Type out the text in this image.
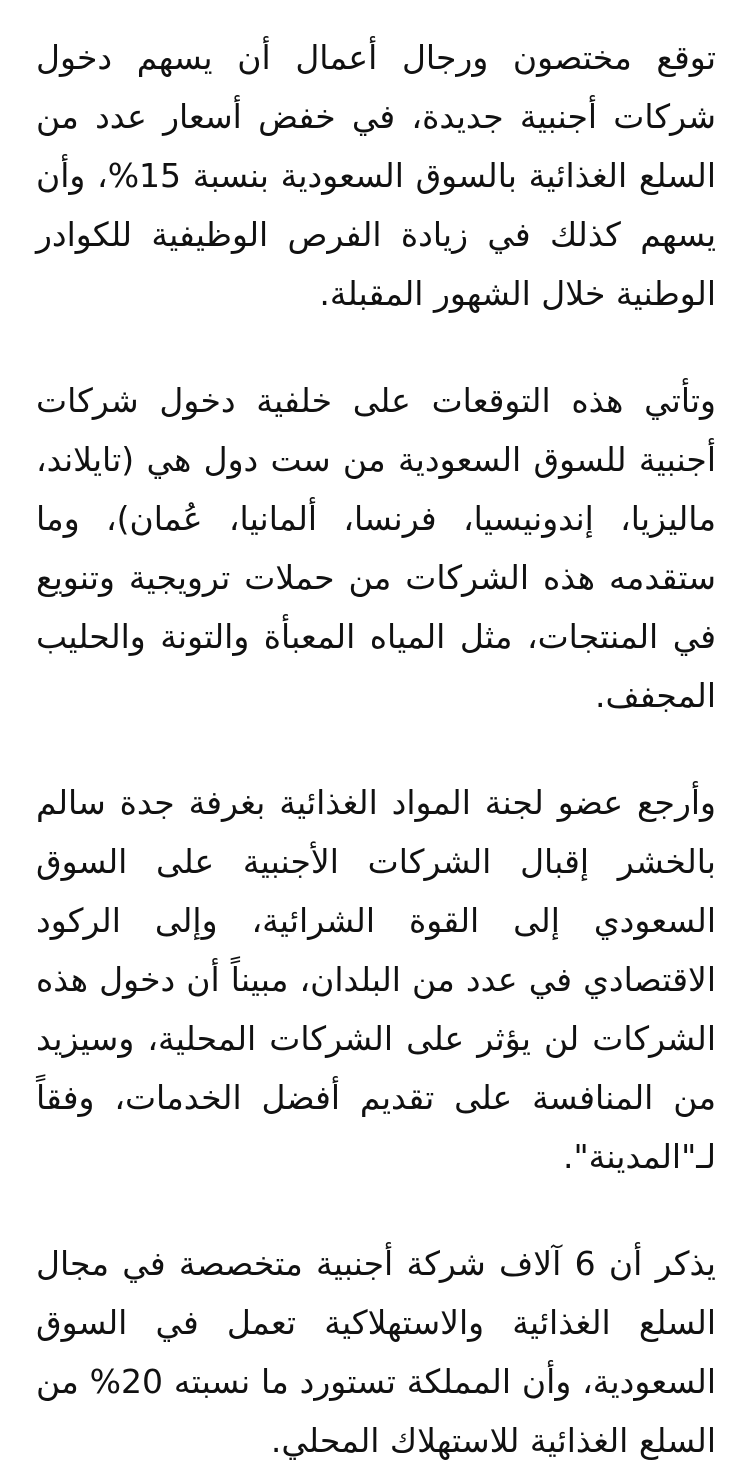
توقع مختصون ورجال أعمال أن يسهم دخول شركات أجنبية جديدة، في خفض أسعار عدد من السلع الغذائية بالسوق السعودية بنسبة 15%، وأن يسهم كذلك في زيادة الفرص الوظيفية للكوادر الوطنية خلال الشهور المقبلة.

وتأتي هذه التوقعات على خلفية دخول شركات أجنبية للسوق السعودية من ست دول هي (تايلاند، ماليزيا، إندونيسيا، فرنسا، ألمانيا، عُمان)، وما ستقدمه هذه الشركات من حملات ترويجية وتنويع في المنتجات، مثل المياه المعبأة والتونة والحليب المجفف.

وأرجع عضو لجنة المواد الغذائية بغرفة جدة سالم بالخشر إقبال الشركات الأجنبية على السوق السعودي إلى القوة الشرائية، وإلى الركود الاقتصادي في عدد من البلدان، مبيناً أن دخول هذه الشركات لن يؤثر على الشركات المحلية، وسيزيد من المنافسة على تقديم أفضل الخدمات، وفقاً لـ"المدينة".

يذكر أن 6 آلاف شركة أجنبية متخصصة في مجال السلع الغذائية والاستهلاكية تعمل في السوق السعودية، وأن المملكة تستورد ما نسبته 20% من السلع الغذائية للاستهلاك المحلي.
